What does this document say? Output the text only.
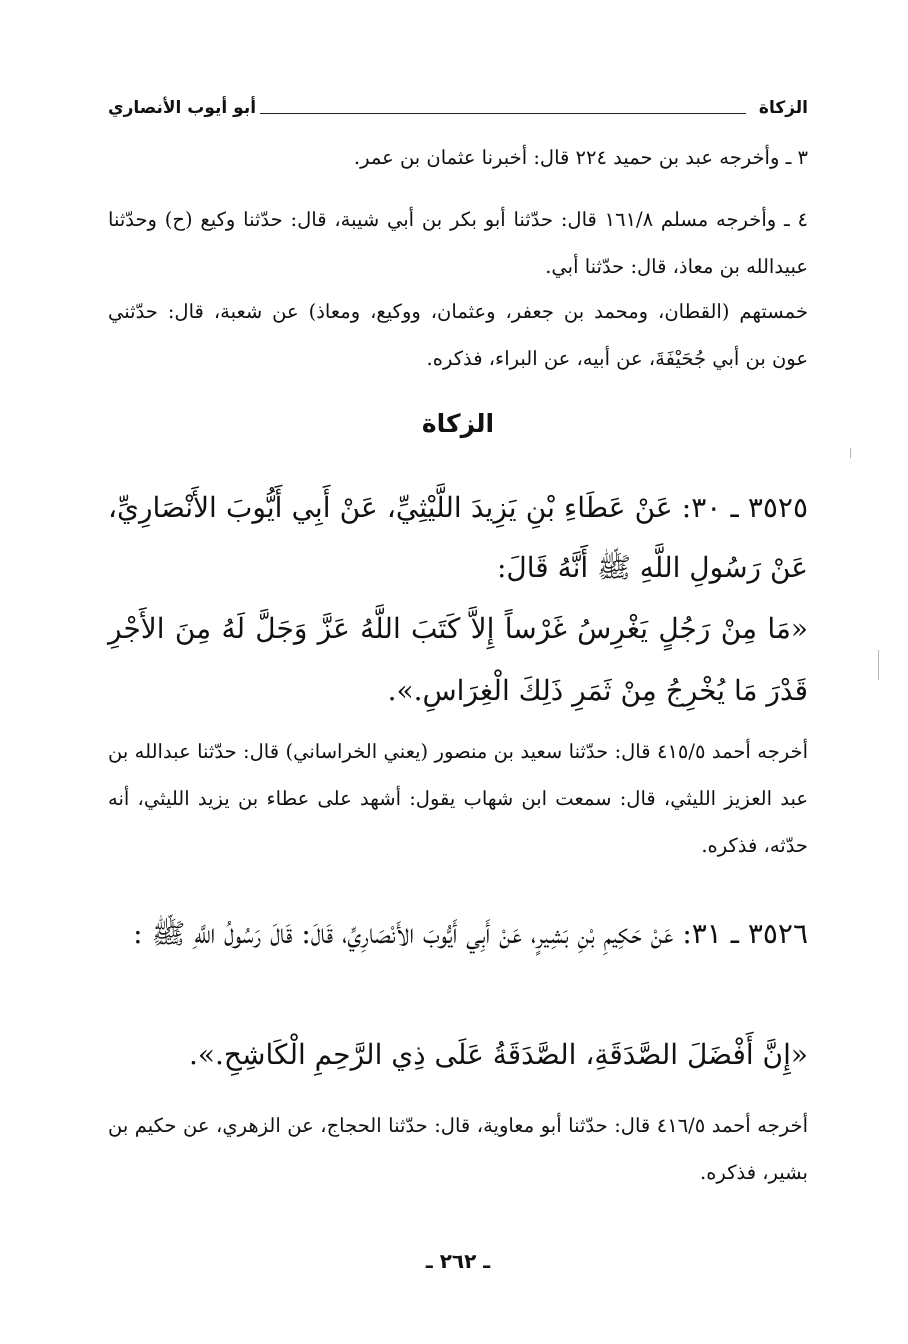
الزكاة
أبو أيوب الأنصاري
٣ ـ وأخرجه عبد بن حميد ٢٢٤ قال: أخبرنا عثمان بن عمر.
٤ ـ وأخرجه مسلم ١٦١/٨ قال: حدّثنا أبو بكر بن أبي شيبة، قال: حدّثنا وكيع (ح) وحدّثنا عبيدالله بن معاذ، قال: حدّثنا أبي.
خمستهم (القطان، ومحمد بن جعفر، وعثمان، ووكيع، ومعاذ) عن شعبة، قال: حدّثني عون بن أبي جُحَيْفَةَ، عن أبيه، عن البراء، فذكره.
الزكاة
٣٥٢٥ ـ ٣٠: عَنْ عَطَاءِ بْنِ يَزِيدَ اللَّيْثِيِّ، عَنْ أَبِي أَيُّوبَ الأَنْصَارِيِّ، عَنْ رَسُولِ اللَّهِ ﷺ أَنَّهُ قَالَ:
«مَا مِنْ رَجُلٍ يَغْرِسُ غَرْساً إِلاَّ كَتَبَ اللَّهُ عَزَّ وَجَلَّ لَهُ مِنَ الأَجْرِ قَدْرَ مَا يُخْرِجُ مِنْ ثَمَرِ ذَلِكَ الْغِرَاسِ.».
أخرجه أحمد ٤١٥/٥ قال: حدّثنا سعيد بن منصور (يعني الخراساني) قال: حدّثنا عبدالله بن عبد العزيز الليثي، قال: سمعت ابن شهاب يقول: أشهد على عطاء بن يزيد الليثي، أنه حدّثه، فذكره.
٣٥٢٦ ـ ٣١: عَنْ حَكِيمِ بْنِ بَشِيرٍ، عَنْ أَبِي أَيُّوبَ الأَنْصَارِيِّ، قَالَ: قَالَ رَسُولُ اللَّهِ ﷺ :
«إِنَّ أَفْضَلَ الصَّدَقَةِ، الصَّدَقَةُ عَلَى ذِي الرَّحِمِ الْكَاشِحِ.».
أخرجه أحمد ٤١٦/٥ قال: حدّثنا أبو معاوية، قال: حدّثنا الحجاج، عن الزهري، عن حكيم بن بشير، فذكره.
ـ ٢٦٢ ـ
